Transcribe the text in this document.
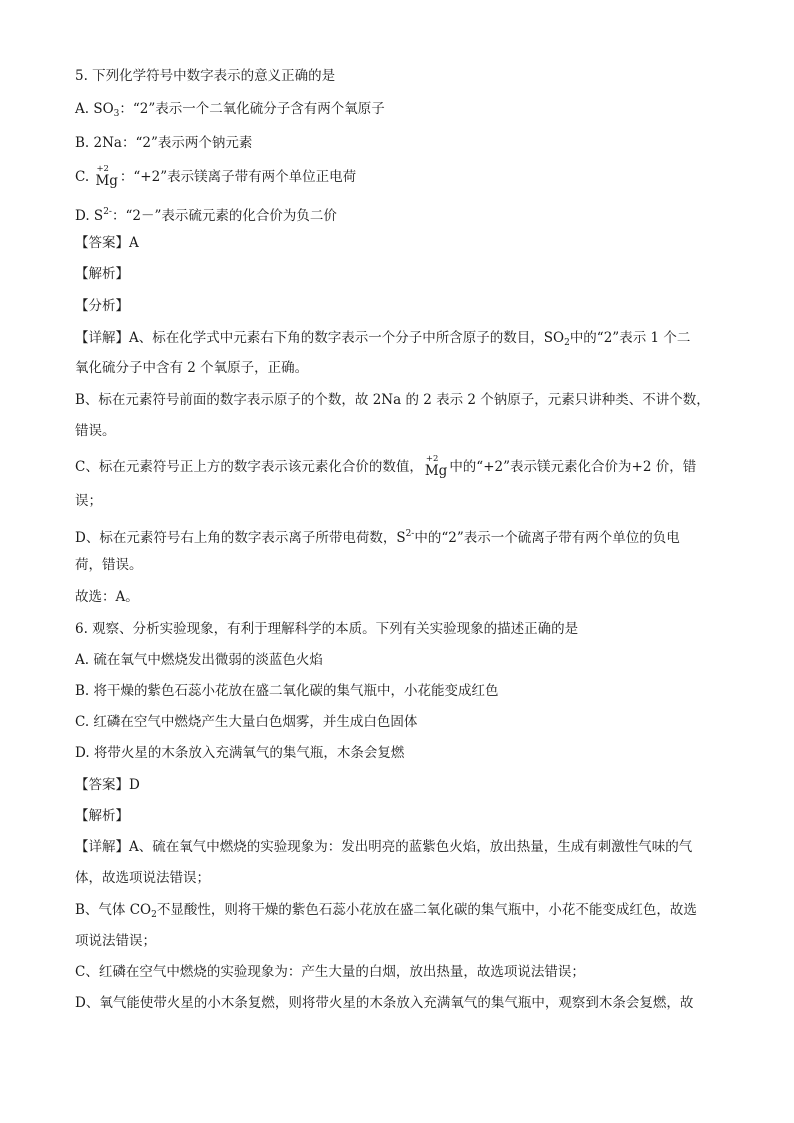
5. 下列化学符号中数字表示的意义正确的是
A. $SO_3$：“2”表示一个二氧化硫分子含有两个氧原子
B. 2Na：“2”表示两个钠元素
C. +2
Mg ：“+2”表示镁离子带有两个单位正电荷
D. $S^{2-}$：“2－”表示硫元素的化合价为负二价
【答案】A
【解析】
【分析】
【详解】A、标在化学式中元素右下角的数字表示一个分子中所含原子的数目，$SO_2$中的“2”表示 1 个二
氧化硫分子中含有 2 个氧原子，正确。
B、标在元素符号前面的数字表示原子的个数，故 2Na 的 2 表示 2 个钠原子，元素只讲种类、不讲个数，
错误。
C、标在元素符号正上方的数字表示该元素化合价的数值， +2
Mg 中的“+2”表示镁元素化合价为+2 价，错
误；
D、标在元素符号右上角的数字表示离子所带电荷数，$S^{2-}$中的“2”表示一个硫离子带有两个单位的负电
荷，错误。
故选：A。
6. 观察、分析实验现象，有利于理解科学的本质。下列有关实验现象的描述正确的是
A. 硫在氧气中燃烧发出微弱的淡蓝色火焰
B. 将干燥的紫色石蕊小花放在盛二氧化碳的集气瓶中，小花能变成红色
C. 红磷在空气中燃烧产生大量白色烟雾，并生成白色固体
D. 将带火星的木条放入充满氧气的集气瓶，木条会复燃
【答案】D
【解析】
【详解】A、硫在氧气中燃烧的实验现象为：发出明亮的蓝紫色火焰，放出热量，生成有刺激性气味的气
体，故选项说法错误；
B、气体 $CO_2$不显酸性，则将干燥的紫色石蕊小花放在盛二氧化碳的集气瓶中，小花不能变成红色，故选
项说法错误；
C、红磷在空气中燃烧的实验现象为：产生大量的白烟，放出热量，故选项说法错误；
D、氧气能使带火星的小木条复燃，则将带火星的木条放入充满氧气的集气瓶中，观察到木条会复燃，故
